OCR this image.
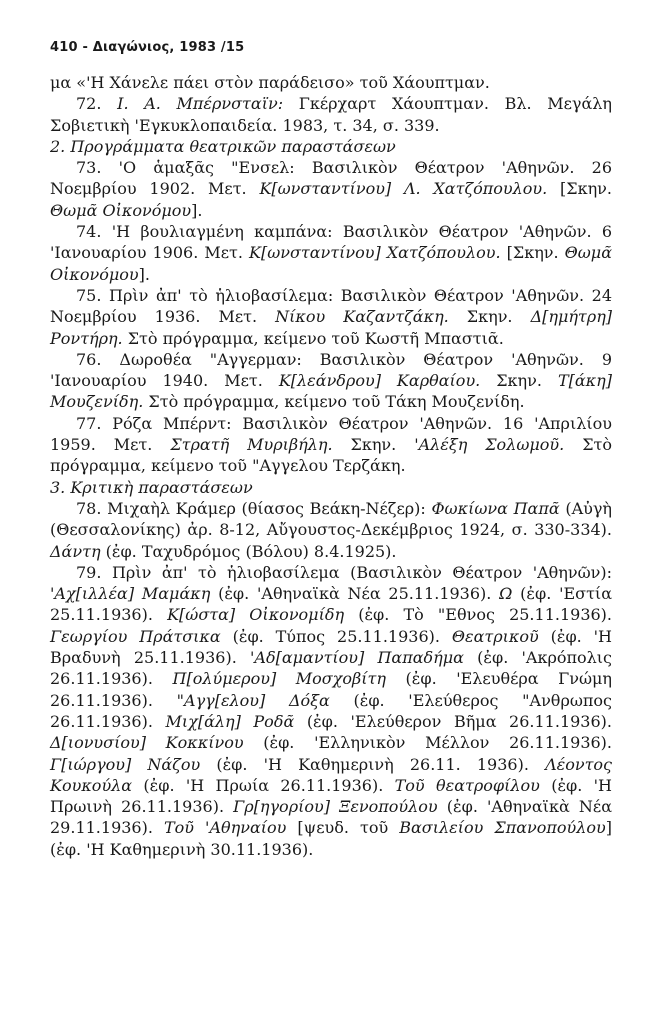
410 - Διαγώνιος, 1983 /15

μα «'Η Χάνελε πάει στὸν παράδεισο» τοῦ Χάουπτμαν.

72. Ι. Α. Μπέρνσταϊν: Γκέρχαρτ Χάουπτμαν. Βλ. Μεγάλη Σοβιετικὴ 'Εγκυκλοπαιδεία. 1983, τ. 34, σ. 339.

2. Προγράμματα θεατρικῶν παραστάσεων

73. 'Ο ἁμαξᾶς "Ενσελ: Βασιλικὸν Θέατρον 'Αθηνῶν. 26 Νοεμβρίου 1902. Μετ. Κ[ωνσταντίνου] Λ. Χατζόπουλου. [Σκην. Θωμᾶ Οἰκονόμου].

74. 'Η βουλιαγμένη καμπάνα: Βασιλικὸν Θέατρον 'Αθηνῶν. 6 'Ιανουαρίου 1906. Μετ. Κ[ωνσταντίνου] Χατζόπουλου. [Σκην. Θωμᾶ Οἰκονόμου].

75. Πρὶν ἀπ' τὸ ἡλιοβασίλεμα: Βασιλικὸν Θέατρον 'Αθηνῶν. 24 Νοεμβρίου 1936. Μετ. Νίκου Καζαντζάκη. Σκην. Δ[ημήτρη] Ροντήρη. Στὸ πρόγραμμα, κείμενο τοῦ Κωστῆ Μπαστιᾶ.

76. Δωροθέα "Αγγερμαν: Βασιλικὸν Θέατρον 'Αθηνῶν. 9 'Ιανουαρίου 1940. Μετ. Κ[λεάνδρου] Καρθαίου. Σκην. Τ[άκη] Μουζενίδη. Στὸ πρόγραμμα, κείμενο τοῦ Τάκη Μουζενίδη.

77. Ρόζα Μπέρντ: Βασιλικὸν Θέατρον 'Αθηνῶν. 16 'Απριλίου 1959. Μετ. Στρατῆ Μυριβήλη. Σκην. 'Αλέξη Σολωμοῦ. Στὸ πρόγραμμα, κείμενο τοῦ "Αγγελου Τερζάκη.

3. Κριτικὴ παραστάσεων

78. Μιχαὴλ Κράμερ (θίασος Βεάκη-Νέζερ): Φωκίωνα Παπᾶ (Αὐγὴ (Θεσσαλονίκης) ἀρ. 8-12, Αὔγουστος-Δεκέμβριος 1924, σ. 330-334). Δάντη (ἐφ. Ταχυδρόμος (Βόλου) 8.4.1925).

79. Πρὶν ἀπ' τὸ ἡλιοβασίλεμα (Βασιλικὸν Θέατρον 'Αθηνῶν): 'Αχ[ιλλέα] Μαμάκη (ἐφ. 'Αθηναϊκὰ Νέα 25.11.1936). Ω (ἐφ. 'Εστία 25.11.1936). Κ[ώστα] Οἰκονομίδη (ἐφ. Τὸ "Εθνος 25.11.1936). Γεωργίου Πράτσικα (ἐφ. Τύπος 25.11.1936). Θεατρικοῦ (ἐφ. 'Η Βραδυνὴ 25.11.1936). 'Αδ[αμαντίου] Παπαδήμα (ἐφ. 'Ακρόπολις 26.11.1936). Π[ολύμερου] Μοσχοβίτη (ἐφ. 'Ελευθέρα Γνώμη 26.11.1936). "Αγγ[ελου] Δόξα (ἐφ. 'Ελεύθερος "Ανθρωπος 26.11.1936). Μιχ[άλη] Ροδᾶ (ἐφ. 'Ελεύθερον Βῆμα 26.11.1936). Δ[ιονυσίου] Κοκκίνου (ἐφ. 'Ελληνικὸν Μέλλον 26.11.1936). Γ[ιώργου] Νάζου (ἐφ. 'Η Καθημερινὴ 26.11. 1936). Λέοντος Κουκούλα (ἐφ. 'Η Πρωία 26.11.1936). Τοῦ θεατροφίλου (ἐφ. 'Η Πρωινὴ 26.11.1936). Γρ[ηγορίου] Ξενοπούλου (ἐφ. 'Αθηναϊκὰ Νέα 29.11.1936). Τοῦ 'Αθηναίου [ψευδ. τοῦ Βασιλείου Σπανοπούλου] (ἐφ. 'Η Καθημερινὴ 30.11.1936).
